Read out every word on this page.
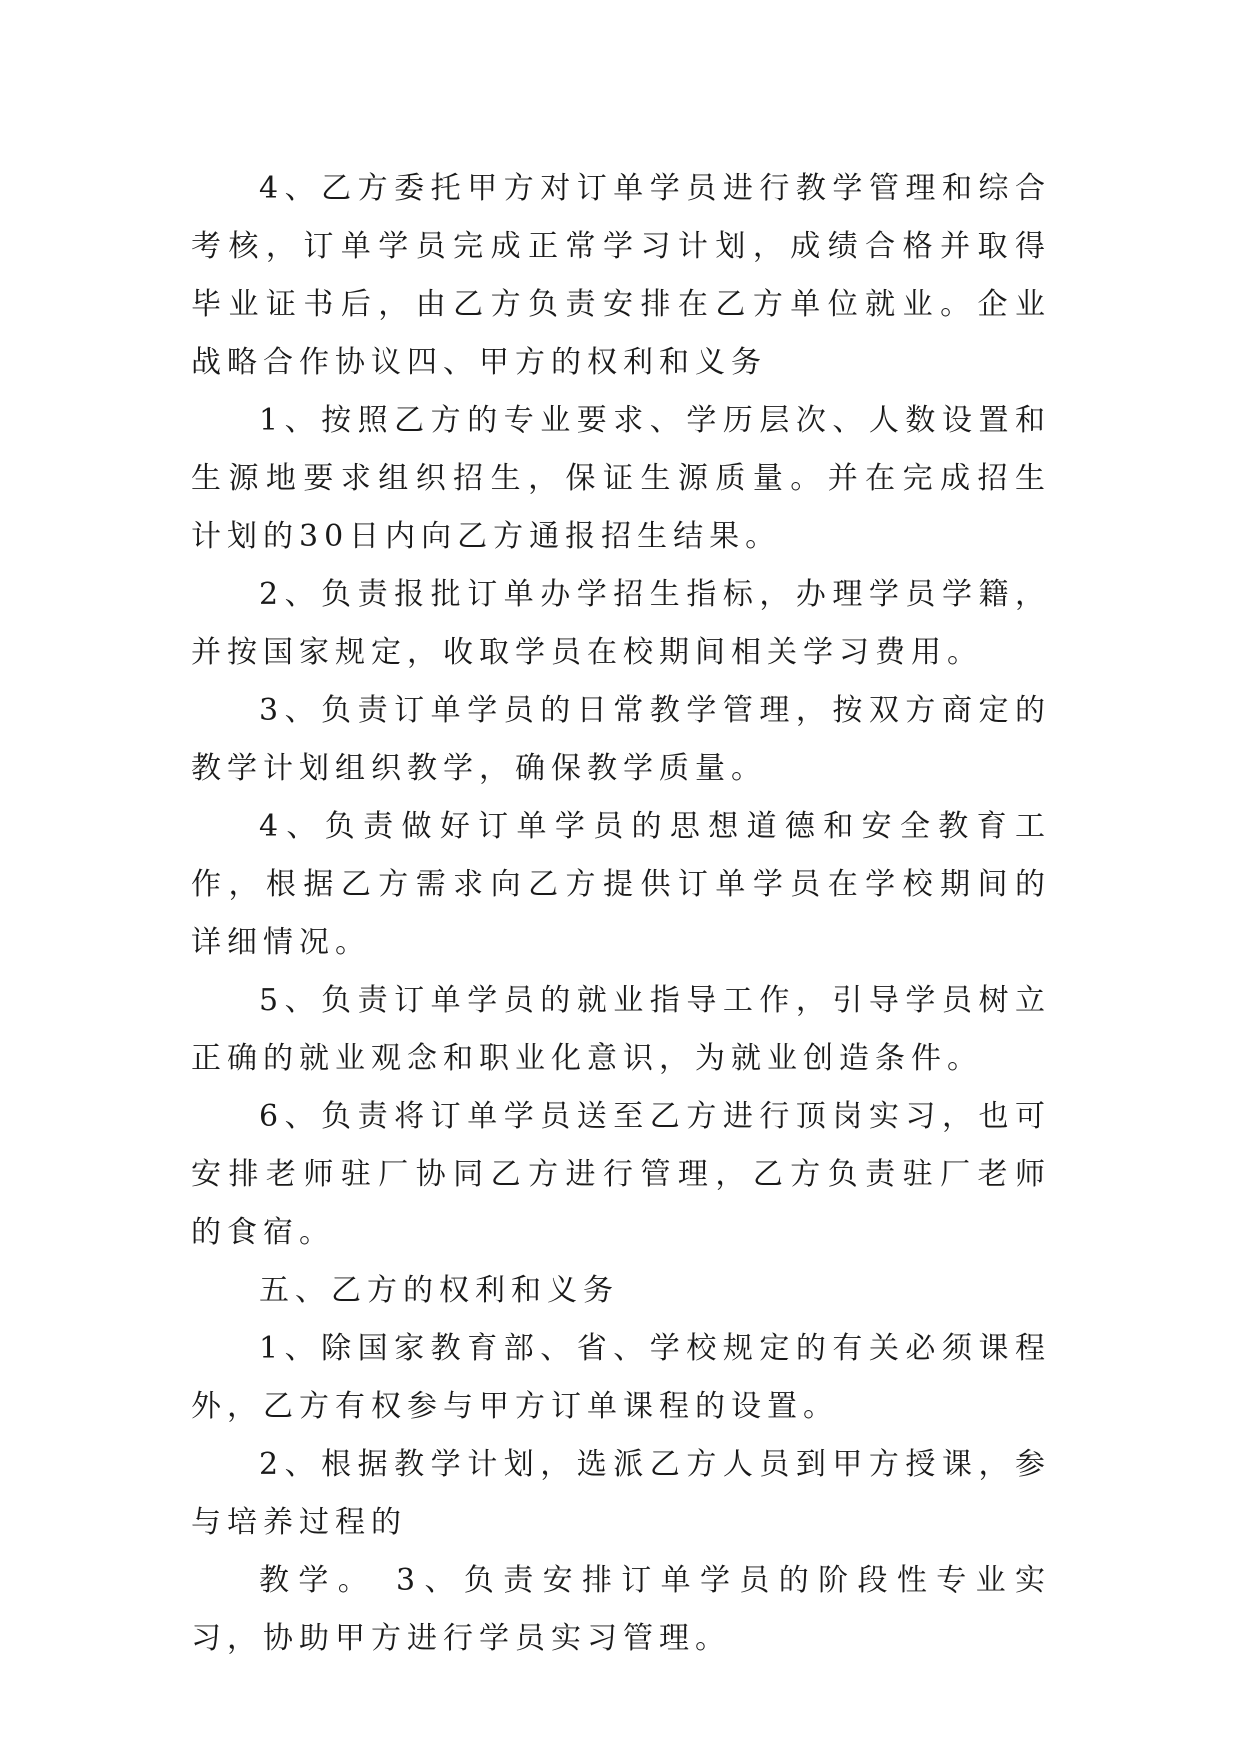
4、乙方委托甲方对订单学员进行教学管理和综合考核，订单学员完成正常学习计划，成绩合格并取得毕业证书后，由乙方负责安排在乙方单位就业。企业战略合作协议四、甲方的权利和义务

1、按照乙方的专业要求、学历层次、人数设置和生源地要求组织招生，保证生源质量。并在完成招生计划的30日内向乙方通报招生结果。

2、负责报批订单办学招生指标，办理学员学籍，并按国家规定，收取学员在校期间相关学习费用。

3、负责订单学员的日常教学管理，按双方商定的教学计划组织教学，确保教学质量。

4、负责做好订单学员的思想道德和安全教育工作，根据乙方需求向乙方提供订单学员在学校期间的详细情况。

5、负责订单学员的就业指导工作，引导学员树立正确的就业观念和职业化意识，为就业创造条件。

6、负责将订单学员送至乙方进行顶岗实习，也可安排老师驻厂协同乙方进行管理，乙方负责驻厂老师的食宿。

五、乙方的权利和义务

1、除国家教育部、省、学校规定的有关必须课程外，乙方有权参与甲方订单课程的设置。

2、根据教学计划，选派乙方人员到甲方授课，参与培养过程的

教学。 3、负责安排订单学员的阶段性专业实习，协助甲方进行学员实习管理。
